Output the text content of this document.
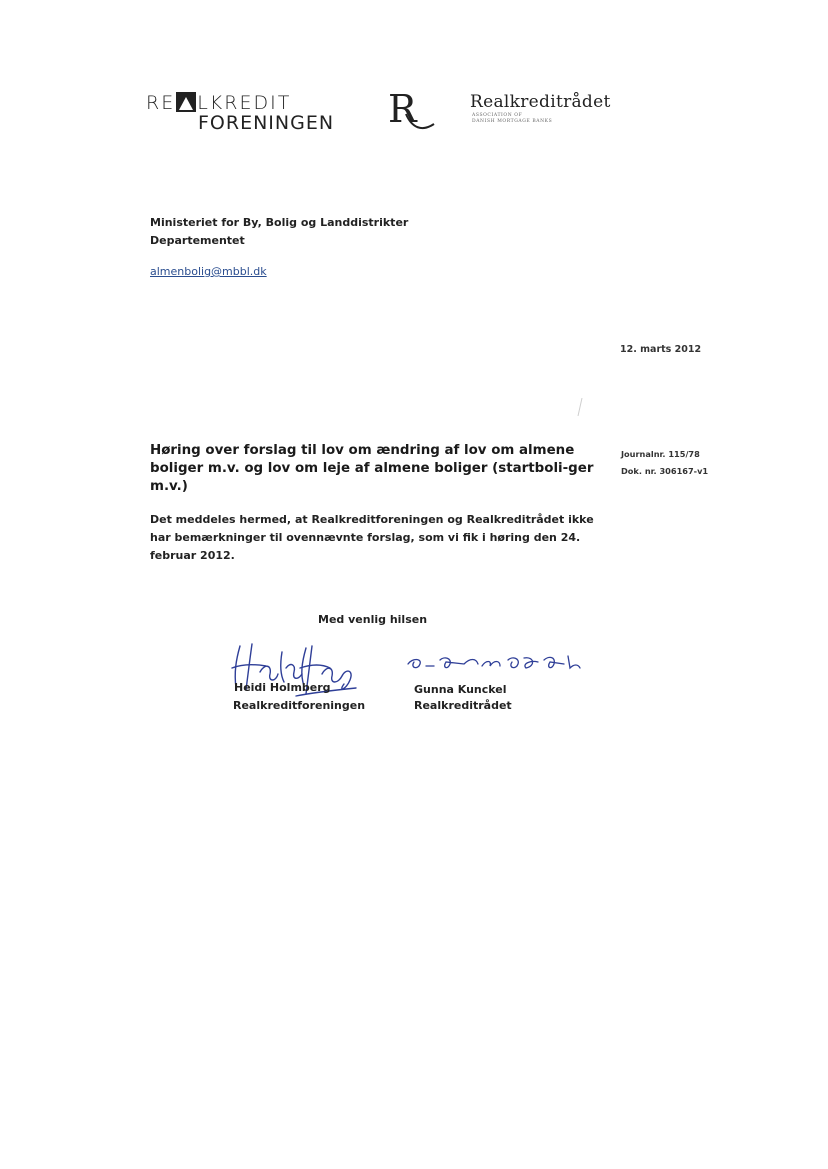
RE LKREDIT
FORENINGEN R	Realkreditrådet
ASSOCIATION OF
DANISH MORTGAGE BANKS
Ministeriet for By, Bolig og Landdistrikter
Departementet
almenbolig@mbbl.dk
12. marts 2012
Høring over forslag til lov om ændring af lov om almene boliger m.v. og lov om leje af almene boliger (startboli-ger m.v.)
Journalnr. 115/78
Dok. nr. 306167-v1
Det meddeles hermed, at Realkreditforeningen og Realkreditrådet ikke har bemærkninger til ovennævnte forslag, som vi fik i høring den 24. februar 2012.
Med venlig hilsen
Heidi Holmberg
Realkreditforeningen
Gunna Kunckel
Realkreditrådet
